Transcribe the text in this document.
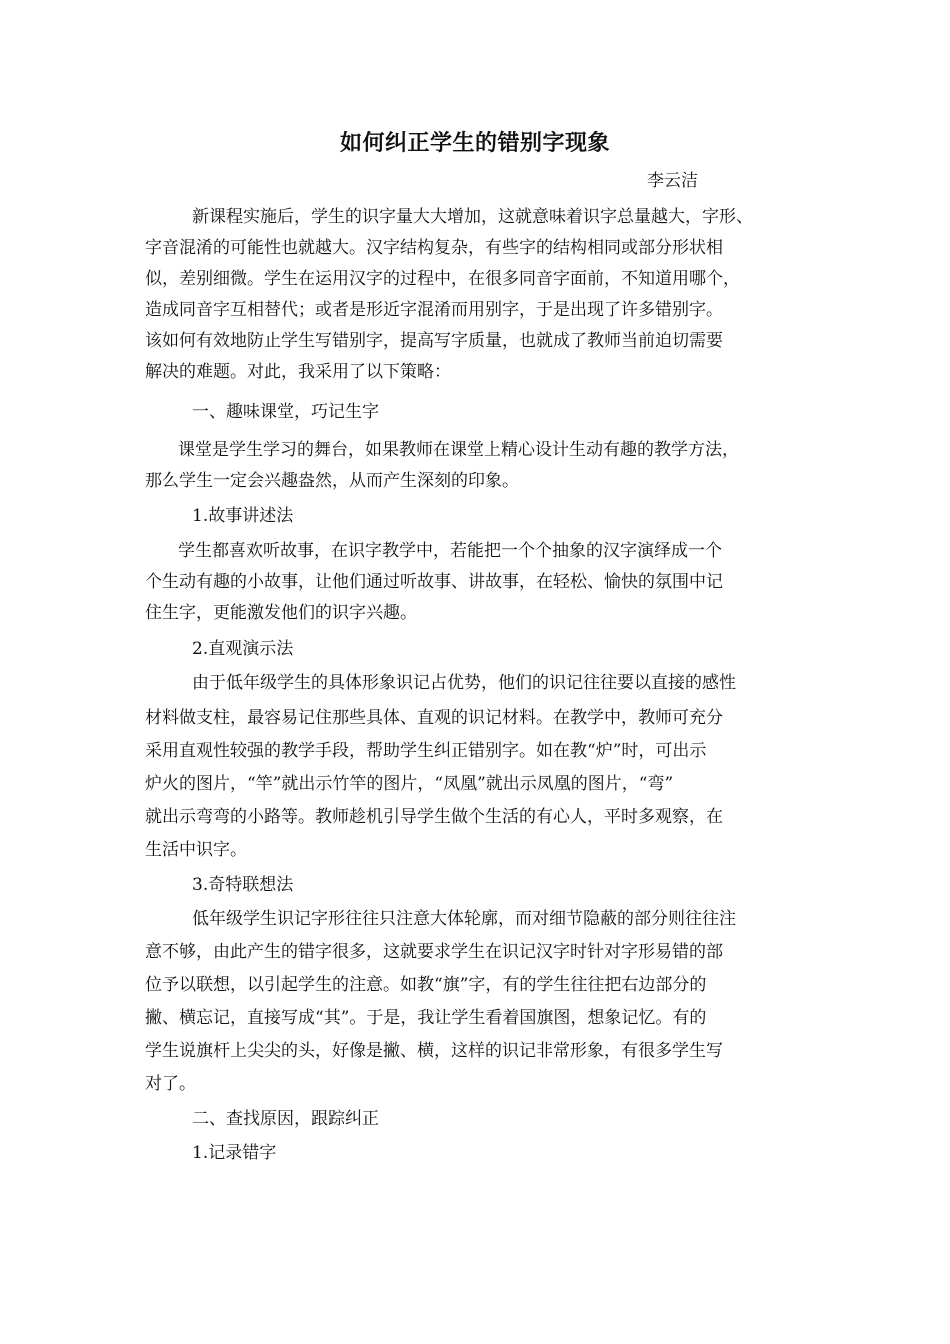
如何纠正学生的错别字现象
李云洁
新课程实施后，学生的识字量大大增加，这就意味着识字总量越大，字形、
字音混淆的可能性也就越大。汉字结构复杂，有些字的结构相同或部分形状相
似，差别细微。学生在运用汉字的过程中，在很多同音字面前，不知道用哪个，
造成同音字互相替代；或者是形近字混淆而用别字，于是出现了许多错别字。
该如何有效地防止学生写错别字，提高写字质量，也就成了教师当前迫切需要
解决的难题。对此，我采用了以下策略：
一、趣味课堂，巧记生字
课堂是学生学习的舞台，如果教师在课堂上精心设计生动有趣的教学方法，
那么学生一定会兴趣盎然，从而产生深刻的印象。
1.故事讲述法
学生都喜欢听故事，在识字教学中，若能把一个个抽象的汉字演绎成一个
个生动有趣的小故事，让他们通过听故事、讲故事，在轻松、愉快的氛围中记
住生字，更能激发他们的识字兴趣。
2.直观演示法
由于低年级学生的具体形象识记占优势，他们的识记往往要以直接的感性
材料做支柱，最容易记住那些具体、直观的识记材料。在教学中，教师可充分
采用直观性较强的教学手段，帮助学生纠正错别字。如在教“炉”时，可出示
炉火的图片，“竿”就出示竹竿的图片，“凤凰”就出示凤凰的图片，“弯”
就出示弯弯的小路等。教师趁机引导学生做个生活的有心人，平时多观察，在
生活中识字。
3.奇特联想法
低年级学生识记字形往往只注意大体轮廓，而对细节隐蔽的部分则往往注
意不够，由此产生的错字很多，这就要求学生在识记汉字时针对字形易错的部
位予以联想，以引起学生的注意。如教“旗”字，有的学生往往把右边部分的
撇、横忘记，直接写成“其”。于是，我让学生看着国旗图，想象记忆。有的
学生说旗杆上尖尖的头，好像是撇、横，这样的识记非常形象，有很多学生写
对了。
二、查找原因，跟踪纠正
1.记录错字
